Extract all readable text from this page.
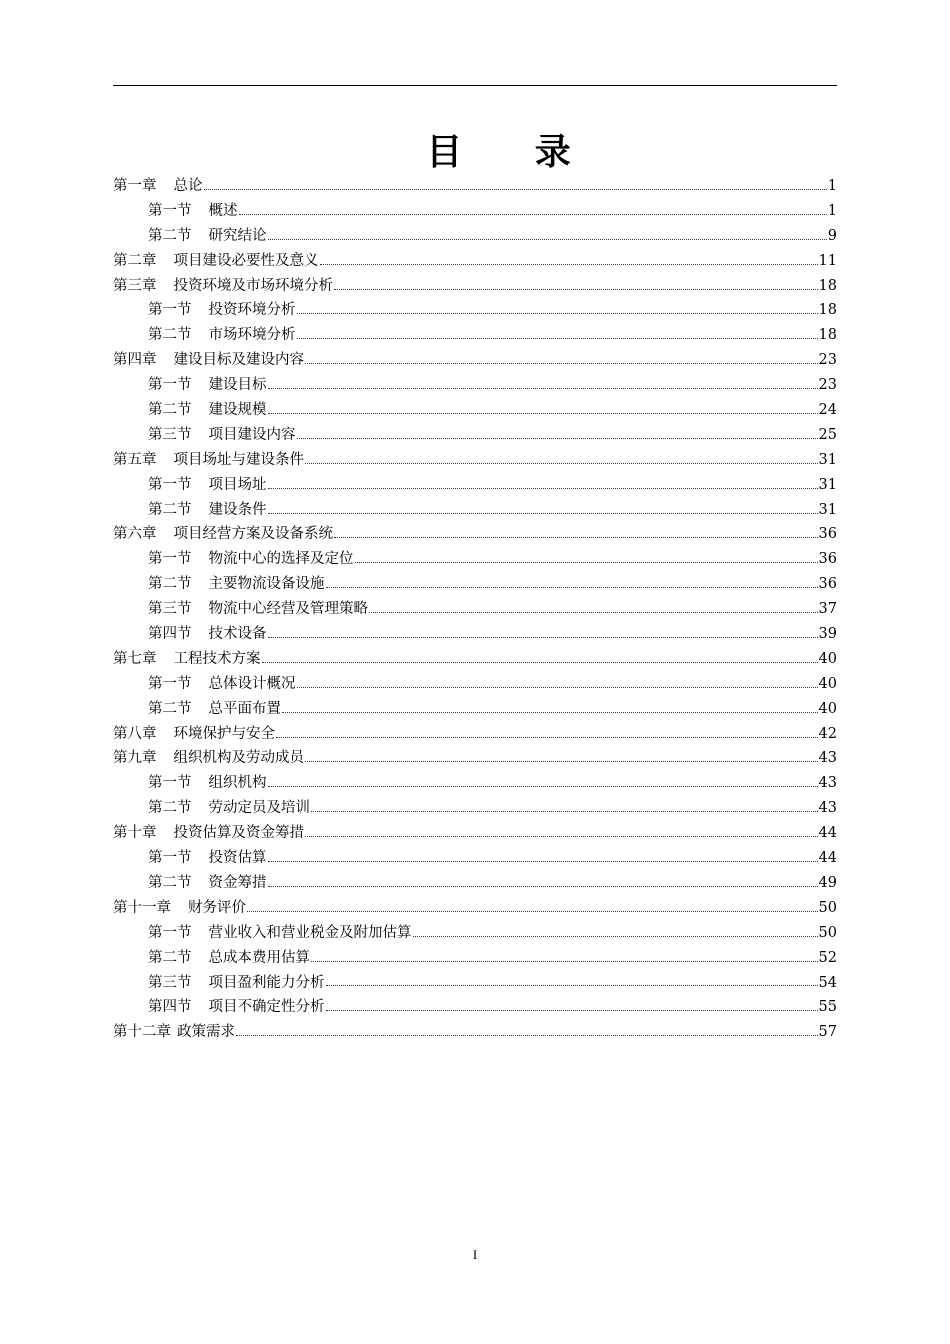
目 录
第一章 总论	1
第一节 概述	1
第二节 研究结论	9
第二章 项目建设必要性及意义	11
第三章 投资环境及市场环境分析	18
第一节 投资环境分析	18
第二节 市场环境分析	18
第四章 建设目标及建设内容	23
第一节 建设目标	23
第二节 建设规模	24
第三节 项目建设内容	25
第五章 项目场址与建设条件	31
第一节 项目场址	31
第二节 建设条件	31
第六章 项目经营方案及设备系统	36
第一节 物流中心的选择及定位	36
第二节 主要物流设备设施	36
第三节 物流中心经营及管理策略	37
第四节 技术设备	39
第七章 工程技术方案	40
第一节 总体设计概况	40
第二节 总平面布置	40
第八章 环境保护与安全	42
第九章 组织机构及劳动成员	43
第一节 组织机构	43
第二节 劳动定员及培训	43
第十章 投资估算及资金筹措	44
第一节 投资估算	44
第二节 资金筹措	49
第十一章 财务评价	50
第一节 营业收入和营业税金及附加估算	50
第二节 总成本费用估算	52
第三节 项目盈利能力分析	54
第四节 项目不确定性分析	55
第十二章 政策需求	57
I
